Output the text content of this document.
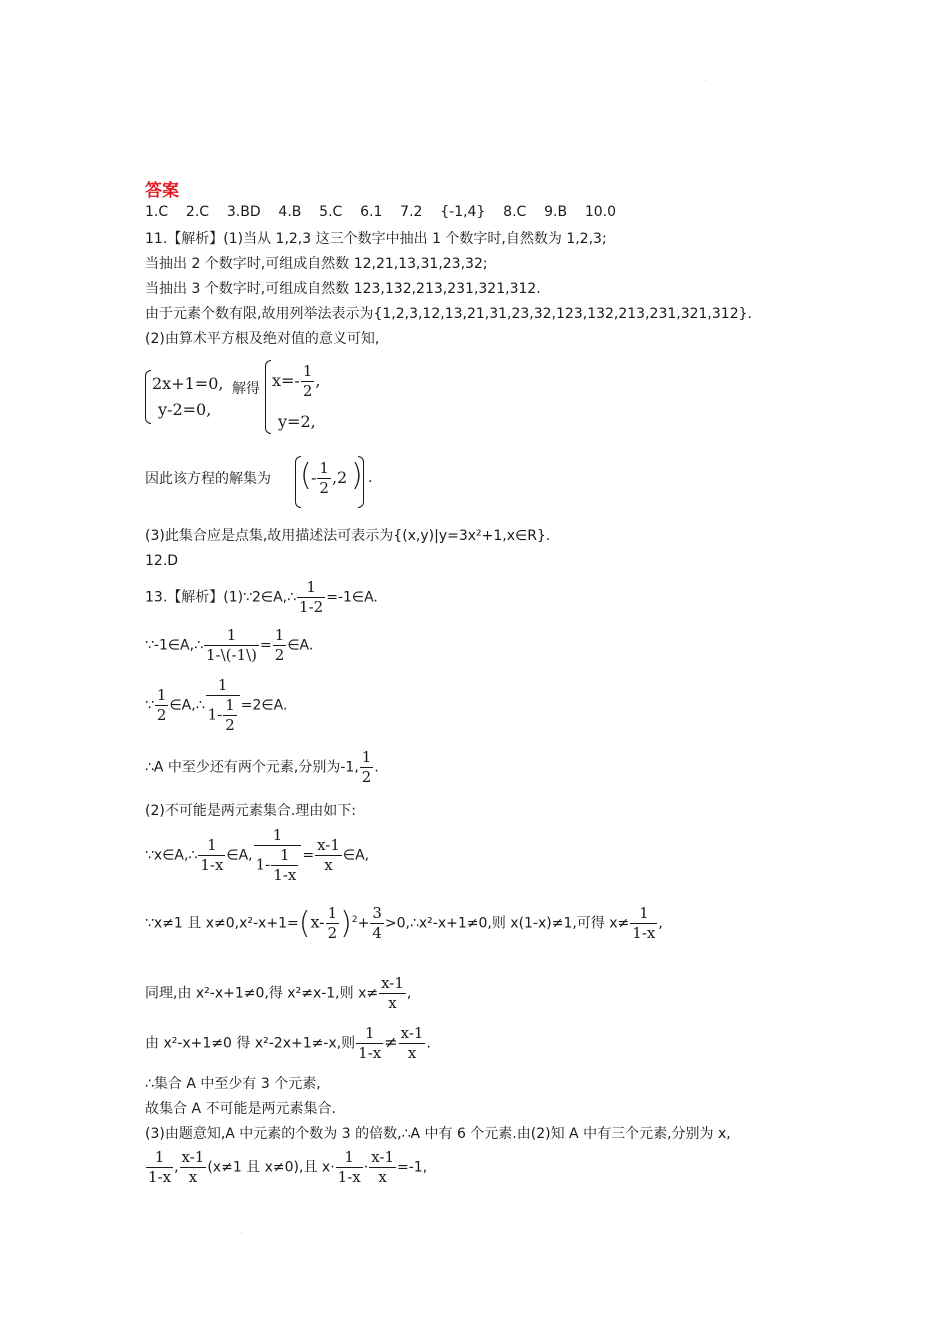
.
.
答案
1.C    2.C    3.BD    4.B    5.C    6.1    7.2    {-1,4}    8.C    9.B    10.0
11.【解析】(1)当从 1,2,3 这三个数字中抽出 1 个数字时,自然数为 1,2,3;
当抽出 2 个数字时,可组成自然数 12,21,13,31,23,32;
当抽出 3 个数字时,可组成自然数 123,132,213,231,321,312.
由于元素个数有限,故用列举法表示为{1,2,3,12,13,21,31,23,32,123,132,213,231,321,312}.
(2)由算术平方根及绝对值的意义可知,
2x+1=0,
y-2=0,
解得 $x=- \frac{1}{2}$ ,
y=2,
因此该方程的解集为 ( - $\frac{1}{2} ,2$ ) .
(3)此集合应是点集,故用描述法可表示为{(x,y)|y=3x²+1,x∈R}.
12.D
13.【解析】(1)∵2∈A,∴ $\frac{1}{1-2}$ =-1∈A.
∵-1∈A,∴ $\frac{1}{1-\backslash(-1\backslash)} = \frac{1}{2}$ ∈A.
∵ $\frac{1}{2}$ ∈A,∴ $\frac{1}{1- \frac{1}{2}}$ =2∈A.
∴A 中至少还有两个元素,分别为-1, $\frac{1}{2}$ .
(2)不可能是两元素集合.理由如下:
∵x∈A,∴ $\frac{1}{1-x}$ ∈A, $\frac{1}{1- \frac{1}{1-x}} = \frac{x-1}{x}$ ∈A,
∵x≠1 且 $x\ne 0,x^2-x+1=(x- \frac{1}{2} )^2+ \frac{3}{4}$ >0,∴x²-x+1≠0,则 x(1-x)≠1,可得 $x\ne \frac{1}{1-x}$ ,
同理,由 x²-x+1≠0,得 x²≠x-1,则 $x\ne \frac{x-1}{x}$ ,
由 x²-x+1≠0 得 x²-2x+1≠-x,则 $\frac{1}{1-x} \ne \frac{x-1}{x}$ .
∴集合 A 中至少有 3 个元素,
故集合 A 不可能是两元素集合.
(3)由题意知,A 中元素的个数为 3 的倍数,∴A 中有 6 个元素.由(2)知 A 中有三个元素,分别为 x,
$\frac{1}{1-x}$ , $\frac{x-1}{x} (x\ne 1$ 且 x≠0),且 $x\cdot \frac{1}{1-x} \cdot \frac{x-1}{x} =-1$,
